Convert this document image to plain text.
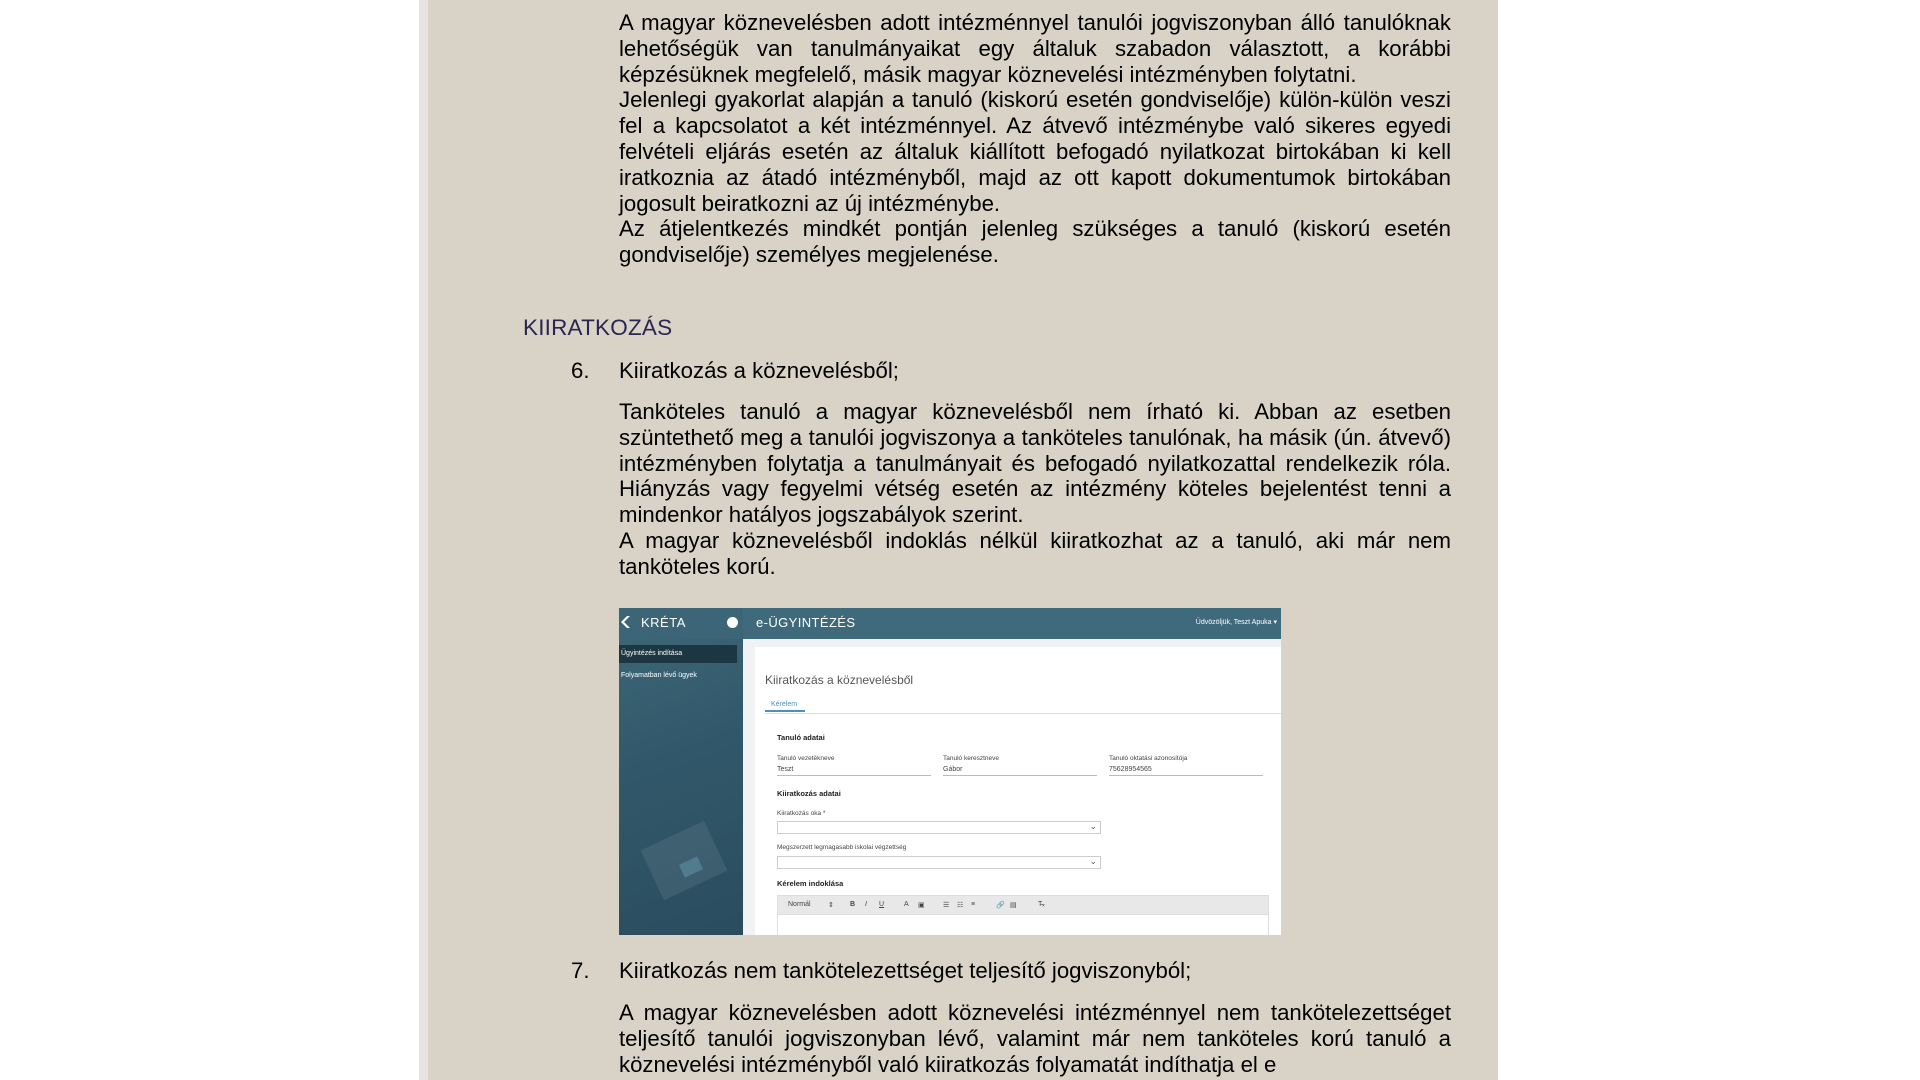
A magyar köznevelésben adott intézménnyel tanulói jogviszonyban álló tanulóknak lehetőségük van tanulmányaikat egy általuk szabadon választott, a korábbi képzésüknek megfelelő, másik magyar köznevelési intézményben folytatni.

Jelenlegi gyakorlat alapján a tanuló (kiskorú esetén gondviselője) külön-külön veszi fel a kapcsolatot a két intézménnyel. Az átvevő intézménybe való sikeres egyedi felvételi eljárás esetén az általuk kiállított befogadó nyilatkozat birtokában ki kell iratkoznia az átadó intézményből, majd az ott kapott dokumentumok birtokában jogosult beiratkozni az új intézménybe.

Az átjelentkezés mindkét pontján jelenleg szükséges a tanuló (kiskorú esetén gondviselője) személyes megjelenése.

KIIRATKOZÁS
6. Kiiratkozás a köznevelésből;

Tanköteles tanuló a magyar köznevelésből nem írható ki. Abban az esetben szüntethető meg a tanulói jogviszonya a tanköteles tanulónak, ha másik (ún. átvevő) intézményben folytatja a tanulmányait és befogadó nyilatkozattal rendelkezik róla. Hiányzás vagy fegyelmi vétség esetén az intézmény köteles bejelentést tenni a mindenkor hatályos jogszabályok szerint.

A magyar köznevelésből indoklás nélkül kiiratkozhat az a tanuló, aki már nem tanköteles korú.

KRÉTA
Ügyintézés indítása
Folyamatban lévő ügyek
e-ÜGYINTÉZÉS	Üdvözöljük, Teszt Apuka ▾
Kiiratkozás a köznevelésből
Kérelem
Tanuló adatai
Tanuló vezetékneve
Teszt
Tanuló keresztneve
Gábor
Tanuló oktatási azonosítója
75628954565
Kiiratkozás adatai
Kiiratkozás oka *
⌄
Megszerzett legmagasabb iskolai végzettség
⌄
Kérelem indoklása
Normál ⇕ B I U	A ▣	☰ ☷ ≡	🔗 ▤	T̶ₓ
7. Kiiratkozás nem tankötelezettséget teljesítő jogviszonyból;

A magyar köznevelésben adott köznevelési intézménnyel nem tankötelezettséget teljesítő tanulói jogviszonyban lévő, valamint már nem tanköteles korú tanuló a köznevelési intézményből való kiiratkozás folyamatát indíthatja el e
